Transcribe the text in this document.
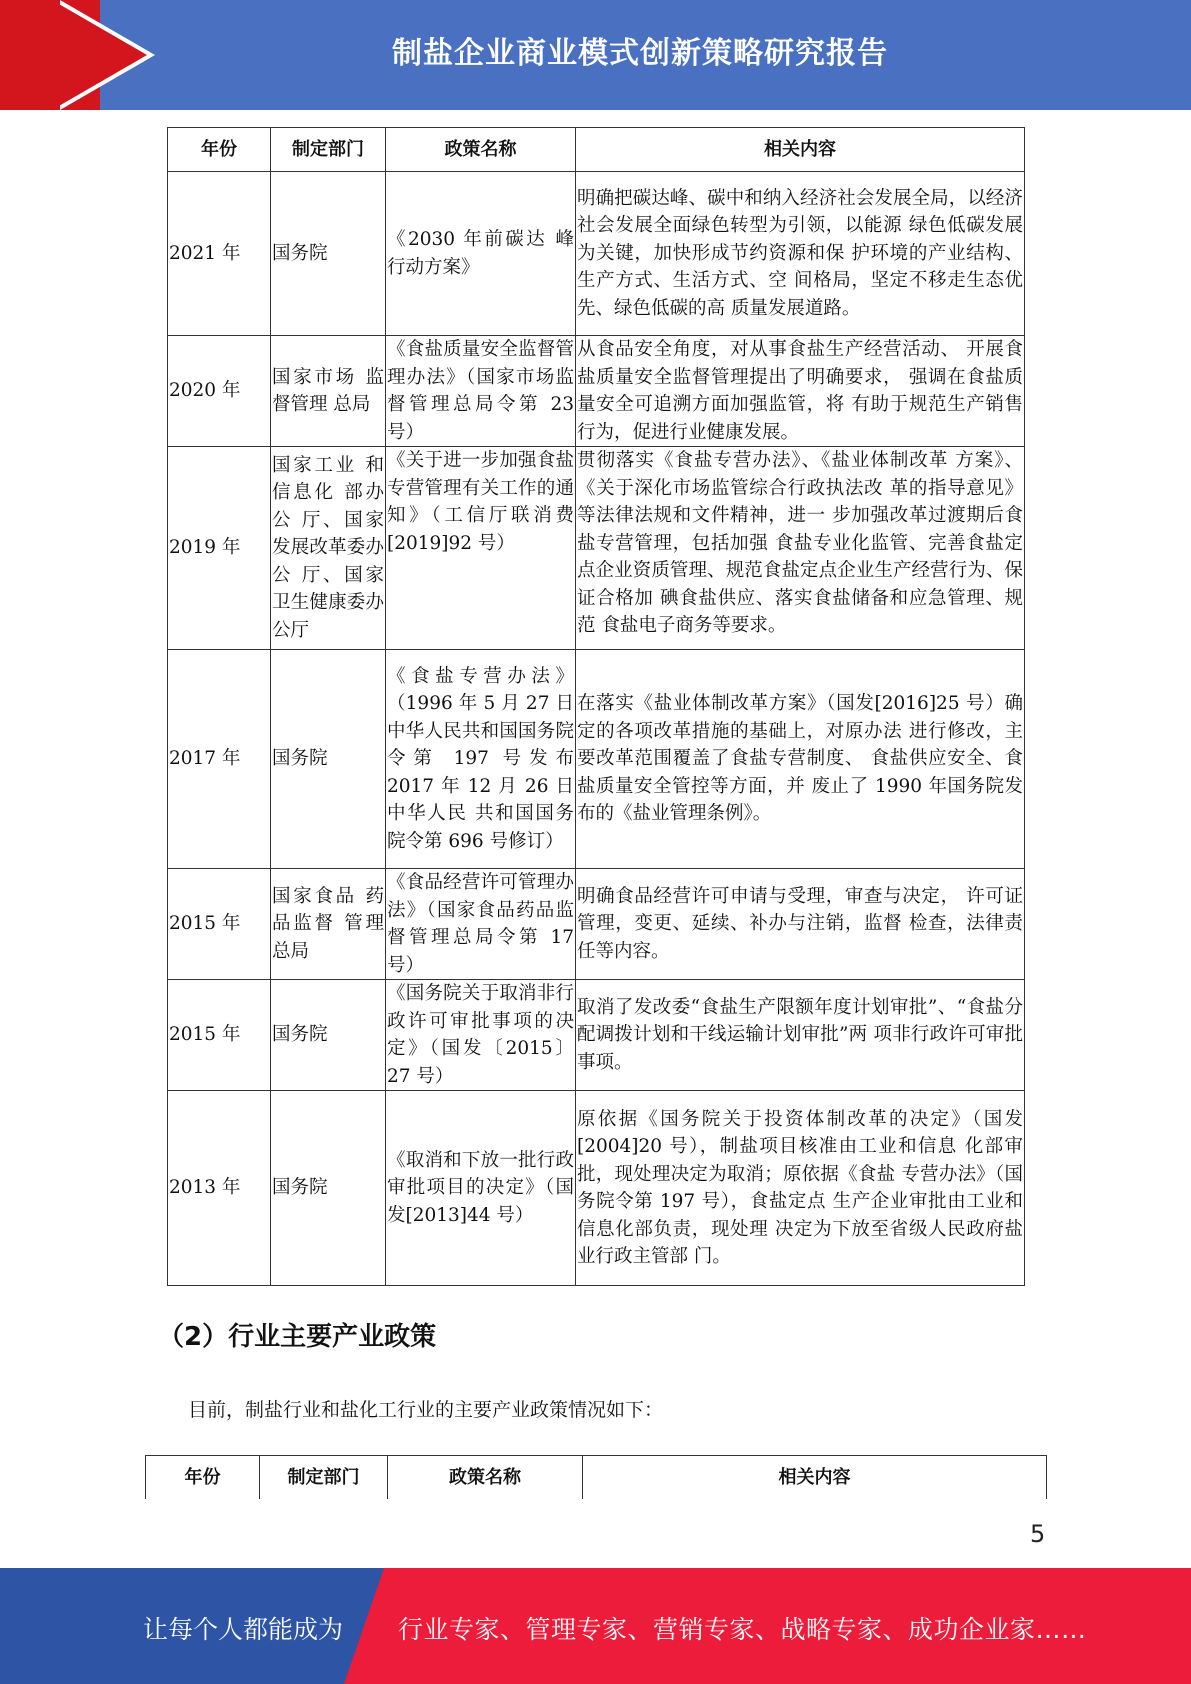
制盐企业商业模式创新策略研究报告
年份	制定部门	政策名称	相关内容
2021 年	国务院	《2030 年前碳达 峰行动方案》	明确把碳达峰、碳中和纳入经济社会发展全局，以经济社会发展全面绿色转型为引领，以能源 绿色低碳发展为关键，加快形成节约资源和保 护环境的产业结构、生产方式、生活方式、空 间格局，坚定不移走生态优先、绿色低碳的高 质量发展道路。
2020 年	国家市场 监督管理 总局	《食盐质量安全监督管理办法》（国家市场监督管理总局令第 23 号）	从食品安全角度，对从事食盐生产经营活动、 开展食盐质量安全监督管理提出了明确要求， 强调在食盐质量安全可追溯方面加强监管，将 有助于规范生产销售行为，促进行业健康发展。
2019 年	国家工业 和信息化 部办公 厅、国家发展改革委办公 厅、国家 卫生健康委办公厅	《关于进一步加强食盐专营管理有关工作的通知》（工信厅联消费 [2019]92 号）	贯彻落实《食盐专营办法》、《盐业体制改革 方案》、《关于深化市场监管综合行政执法改 革的指导意见》等法律法规和文件精神，进一 步加强改革过渡期后食盐专营管理，包括加强 食盐专业化监管、完善食盐定点企业资质管理、规范食盐定点企业生产经营行为、保证合格加 碘食盐供应、落实食盐储备和应急管理、规范 食盐电子商务等要求。
2017 年	国务院	《食盐专营办法》（1996 年 5 月 27 日中华人民共和国国务院令第 197 号发布 2017 年 12 月 26 日中华人民 共和国国务院令第 696 号修订）	在落实《盐业体制改革方案》（国发[2016]25 号）确定的各项改革措施的基础上，对原办法 进行修改，主要改革范围覆盖了食盐专营制度、 食盐供应安全、食盐质量安全管控等方面，并 废止了 1990 年国务院发布的《盐业管理条例》。
2015 年	国家食品 药品监督 管理总局	《食品经营许可管理办法》（国家食品药品监督管理总局令第 17 号）	明确食品经营许可申请与受理，审查与决定， 许可证管理，变更、延续、补办与注销，监督 检查，法律责任等内容。
2015 年	国务院	《国务院关于取消非行政许可审批事项的决定》（国发〔2015〕 27 号）	取消了发改委“食盐生产限额年度计划审批”、“食盐分配调拨计划和干线运输计划审批”两 项非行政许可审批事项。
2013 年	国务院	《取消和下放一批行政审批项目的决定》（国发[2013]44 号）	原依据《国务院关于投资体制改革的决定》（国发[2004]20 号），制盐项目核准由工业和信息 化部审批，现处理决定为取消；原依据《食盐 专营办法》（国务院令第 197 号），食盐定点 生产企业审批由工业和信息化部负责，现处理 决定为下放至省级人民政府盐业行政主管部 门。
（2）行业主要产业政策
目前，制盐行业和盐化工行业的主要产业政策情况如下：
年份	制定部门	政策名称	相关内容
5
让每个人都能成为 行业专家、管理专家、营销专家、战略专家、成功企业家……
